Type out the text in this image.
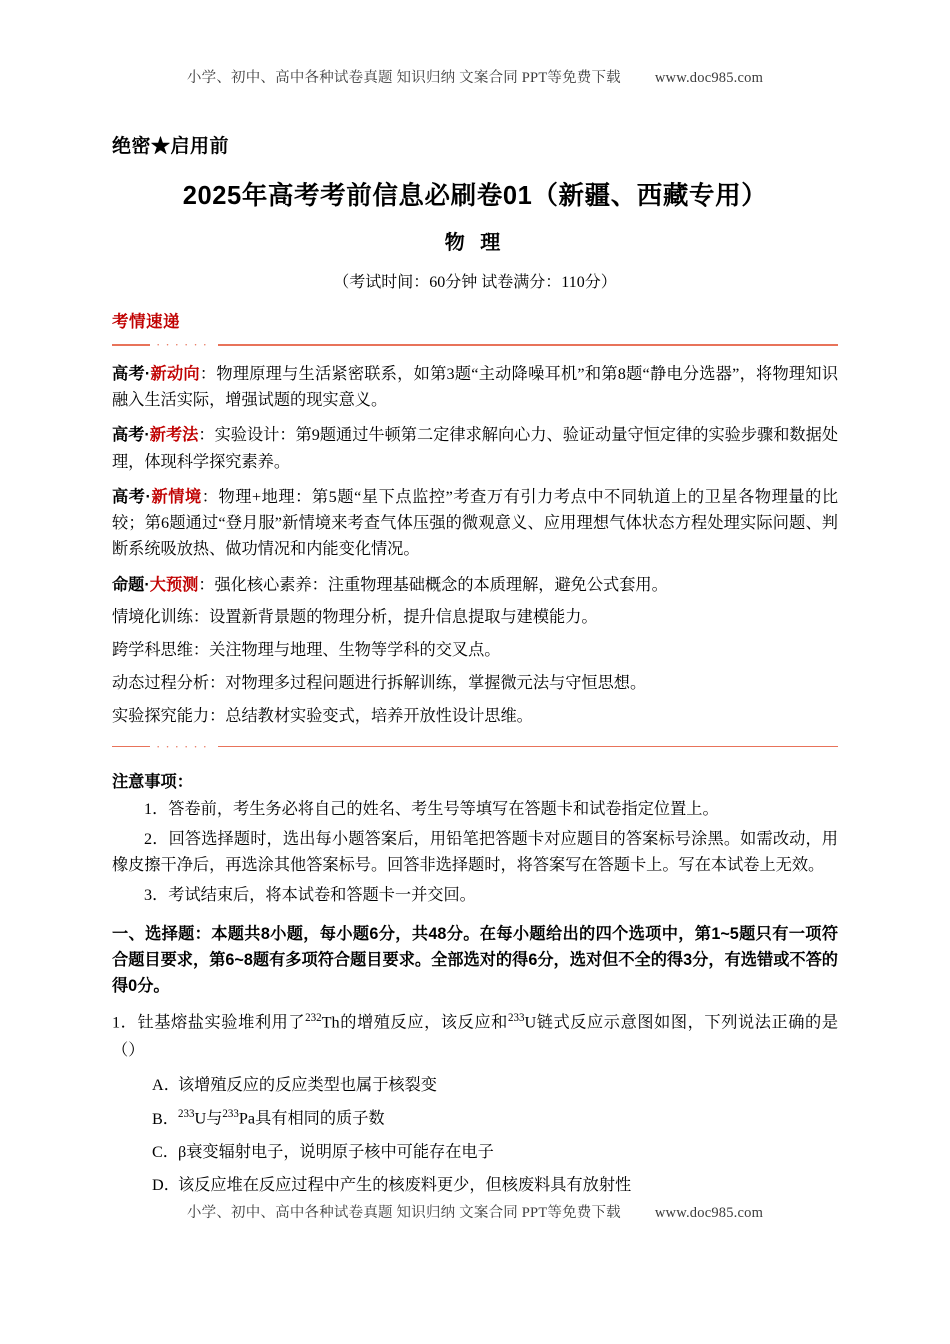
小学、初中、高中各种试卷真题 知识归纳 文案合同 PPT等免费下载 www.doc985.com
绝密★启用前
2025年高考考前信息必刷卷01（新疆、西藏专用）
物 理
（考试时间：60分钟 试卷满分：110分）
考情速递
······
高考·新动向：物理原理与生活紧密联系，如第3题“主动降噪耳机”和第8题“静电分选器”，将物理知识融入生活实际，增强试题的现实意义。
高考·新考法：实验设计：第9题通过牛顿第二定律求解向心力、验证动量守恒定律的实验步骤和数据处理，体现科学探究素养。
高考·新情境：物理+地理：第5题“星下点监控”考查万有引力考点中不同轨道上的卫星各物理量的比较；第6题通过“登月服”新情境来考查气体压强的微观意义、应用理想气体状态方程处理实际问题、判断系统吸放热、做功情况和内能变化情况。
命题·大预测：强化核心素养：注重物理基础概念的本质理解，避免公式套用。
情境化训练：设置新背景题的物理分析，提升信息提取与建模能力。
跨学科思维：关注物理与地理、生物等学科的交叉点。
动态过程分析：对物理多过程问题进行拆解训练，掌握微元法与守恒思想。
实验探究能力：总结教材实验变式，培养开放性设计思维。
······
注意事项：
1．答卷前，考生务必将自己的姓名、考生号等填写在答题卡和试卷指定位置上。
2．回答选择题时，选出每小题答案后，用铅笔把答题卡对应题目的答案标号涂黑。如需改动，用橡皮擦干净后，再选涂其他答案标号。回答非选择题时，将答案写在答题卡上。写在本试卷上无效。
3．考试结束后，将本试卷和答题卡一并交回。
一、选择题：本题共8小题，每小题6分，共48分。在每小题给出的四个选项中，第1~5题只有一项符合题目要求，第6~8题有多项符合题目要求。全部选对的得6分，选对但不全的得3分，有选错或不答的得0分。
1．钍基熔盐实验堆利用了$^{232}$Th的增殖反应，该反应和$^{233}$U链式反应示意图如图，下列说法正确的是（）
A．该增殖反应的反应类型也属于核裂变
B．$^{233}$U与$^{233}$Pa具有相同的质子数
C．β衰变辐射电子，说明原子核中可能存在电子
D．该反应堆在反应过程中产生的核废料更少，但核废料具有放射性
小学、初中、高中各种试卷真题 知识归纳 文案合同 PPT等免费下载 www.doc985.com
